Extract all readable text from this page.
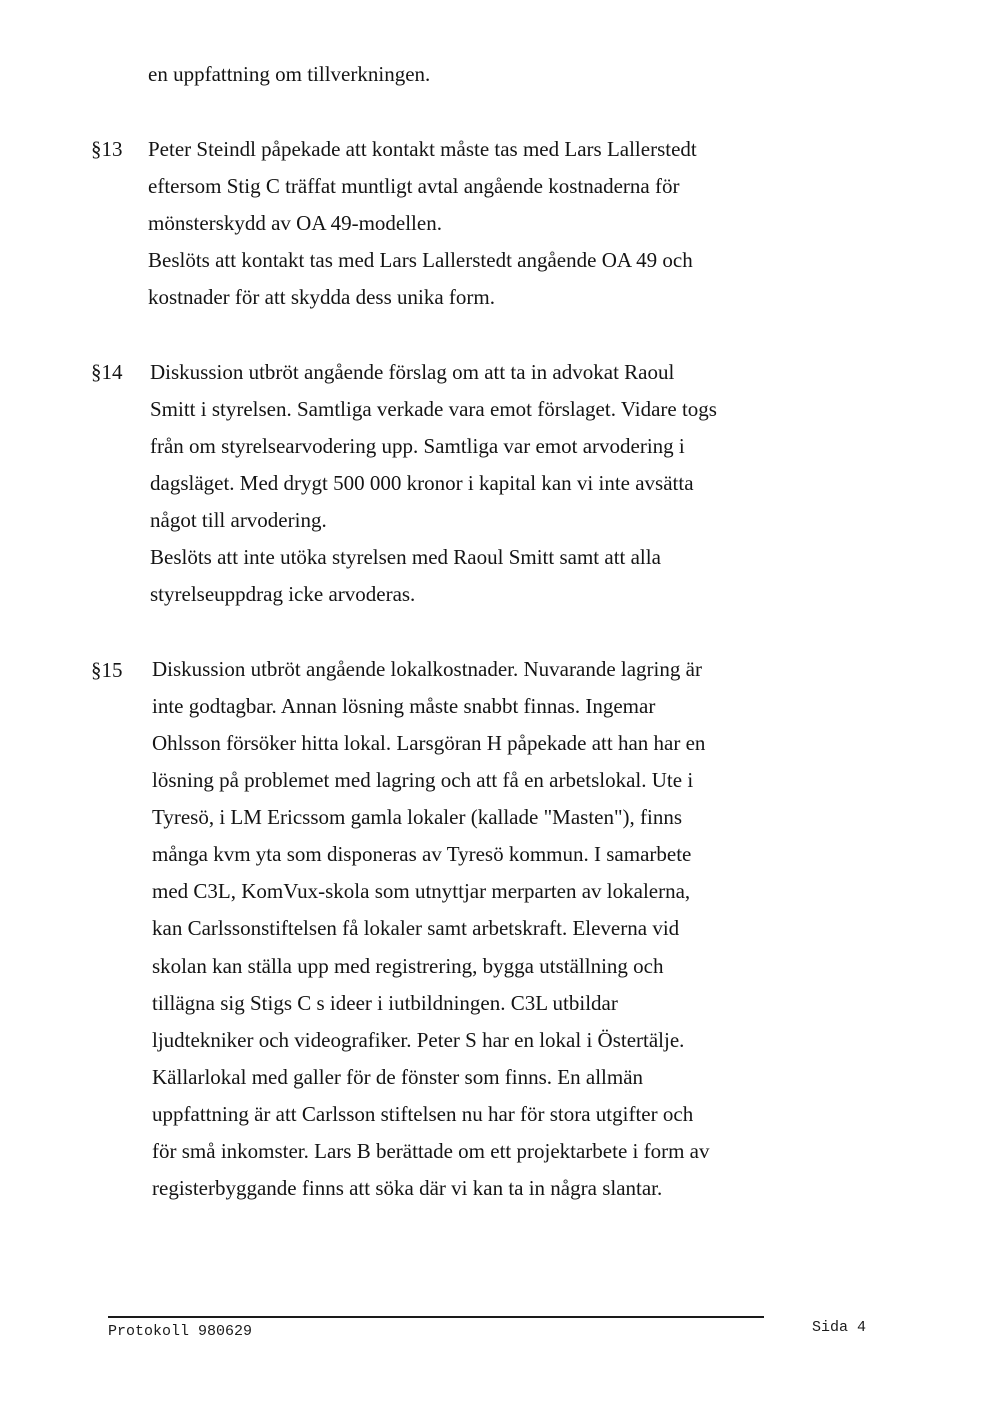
en uppfattning om tillverkningen.
§13 Peter Steindl påpekade att kontakt måste tas med Lars Lallerstedt
eftersom Stig C träffat muntligt avtal angående kostnaderna för
mönsterskydd av OA 49-modellen.
Beslöts att kontakt tas med Lars Lallerstedt angående OA 49 och
kostnader för att skydda dess unika form.
§14 Diskussion utbröt angående förslag om att ta in advokat Raoul
Smitt i styrelsen. Samtliga verkade vara emot förslaget. Vidare togs
från om styrelsearvodering upp. Samtliga var emot arvodering i
dagsläget. Med drygt 500 000 kronor i kapital kan vi inte avsätta
något till arvodering.
Beslöts att inte utöka styrelsen med Raoul Smitt samt att alla
styrelseuppdrag icke arvoderas.
§15 Diskussion utbröt angående lokalkostnader. Nuvarande lagring är
inte godtagbar. Annan lösning måste snabbt finnas. Ingemar
Ohlsson försöker hitta lokal. Larsgöran H påpekade att han har en
lösning på problemet med lagring och att få en arbetslokal. Ute i
Tyresö, i LM Ericssom gamla lokaler (kallade "Masten"), finns
många kvm yta som disponeras av Tyresö kommun. I samarbete
med C3L, KomVux-skola som utnyttjar merparten av lokalerna,
kan Carlssonstiftelsen få lokaler samt arbetskraft. Eleverna vid
skolan kan ställa upp med registrering, bygga utställning och
tillägna sig Stigs C s ideer i iutbildningen. C3L utbildar
ljudtekniker och videografiker. Peter S har en lokal i Östertälje.
Källarlokal med galler för de fönster som finns. En allmän
uppfattning är att Carlsson stiftelsen nu har för stora utgifter och
för små inkomster. Lars B berättade om ett projektarbete i form av
registerbyggande finns att söka där vi kan ta in några slantar.
Protokoll 980629	Sida 4
